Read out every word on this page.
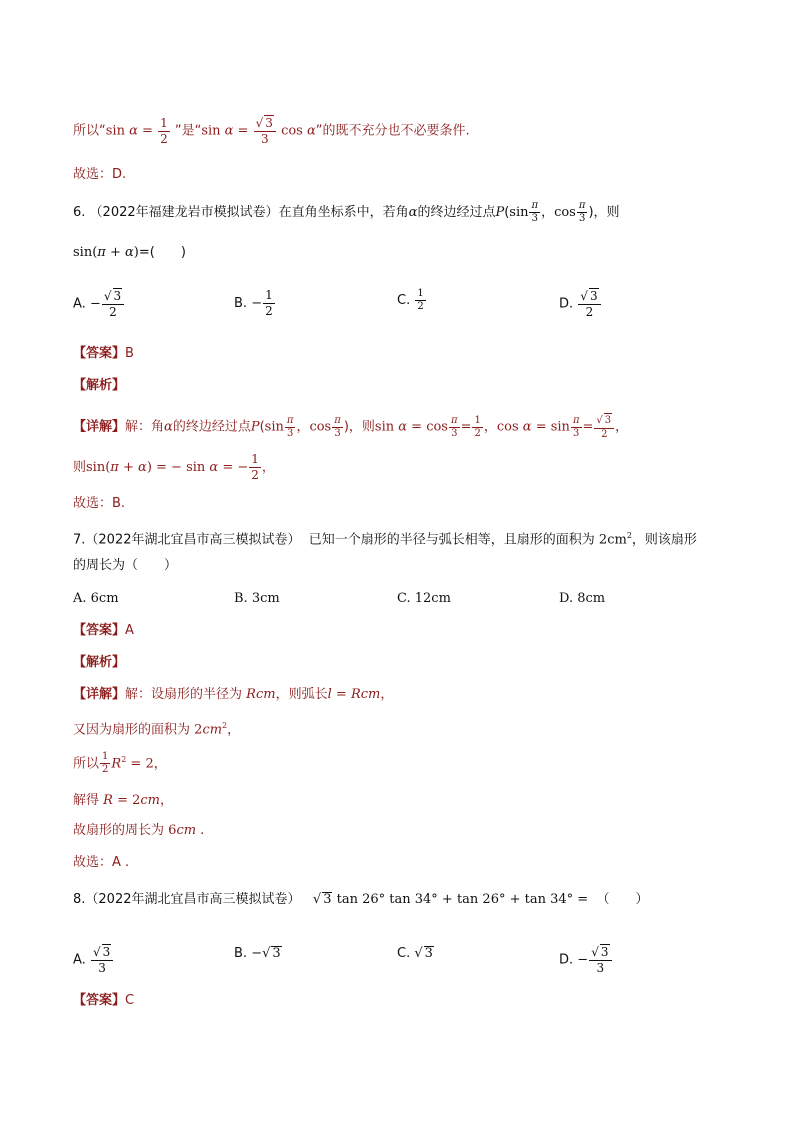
所以“sin $\alpha = \frac{1}{2}$ ”是“sin $\alpha = \frac{√ 3}{3}$ cos α”的既不充分也不必要条件.
故选：D.
6. （2022年福建龙岩市模拟试卷）在直角坐标系中，若角α的终边经过点$P(\sin \frac{\pi}{3}$ ，$\cos \frac{\pi}{3}$ )，则
sin(π + α)=(　　)
A. − $\frac{√ 3}{2}$	B. − $\frac{1}{2}$	C. $\frac{1}{2}$	D. $\frac{√ 3}{2}$
【答案】B
【解析】
【详解】解：角α的终边经过点$P(\sin \frac{\pi}{3}$ ，$\cos \frac{\pi}{3}$ )，则$\sin \alpha = \cos \frac{\pi}{3} = \frac{1}{2}$ ，$\cos \alpha = \sin \frac{\pi}{3} = \frac{√ 3}{2}$ ，
则sin(π + α) = − sin α = − $\frac{1}{2}$ ，
故选：B.
7.（2022年湖北宜昌市高三模拟试卷） 已知一个扇形的半径与弧长相等，且扇形的面积为 $2cm^2$，则该扇形
的周长为（　　）
A. 6cm	B. 3cm	C. 12cm	D. 8cm
【答案】A
【解析】
【详解】解：设扇形的半径为 Rcm，则弧长l = Rcm，
又因为扇形的面积为 $2cm^2$，
所以 $\frac{1}{2} R^2 = 2$，
解得 R = 2cm，
故扇形的周长为 6cm .
故选：A .
8.（2022年湖北宜昌市高三模拟试卷） √ 3 tan 26° tan 34° + tan 26° + tan 34° = （　　）
A. $\frac{√ 3}{3}$	B. −√ 3	C. √ 3	D. − $\frac{√ 3}{3}$
【答案】C
